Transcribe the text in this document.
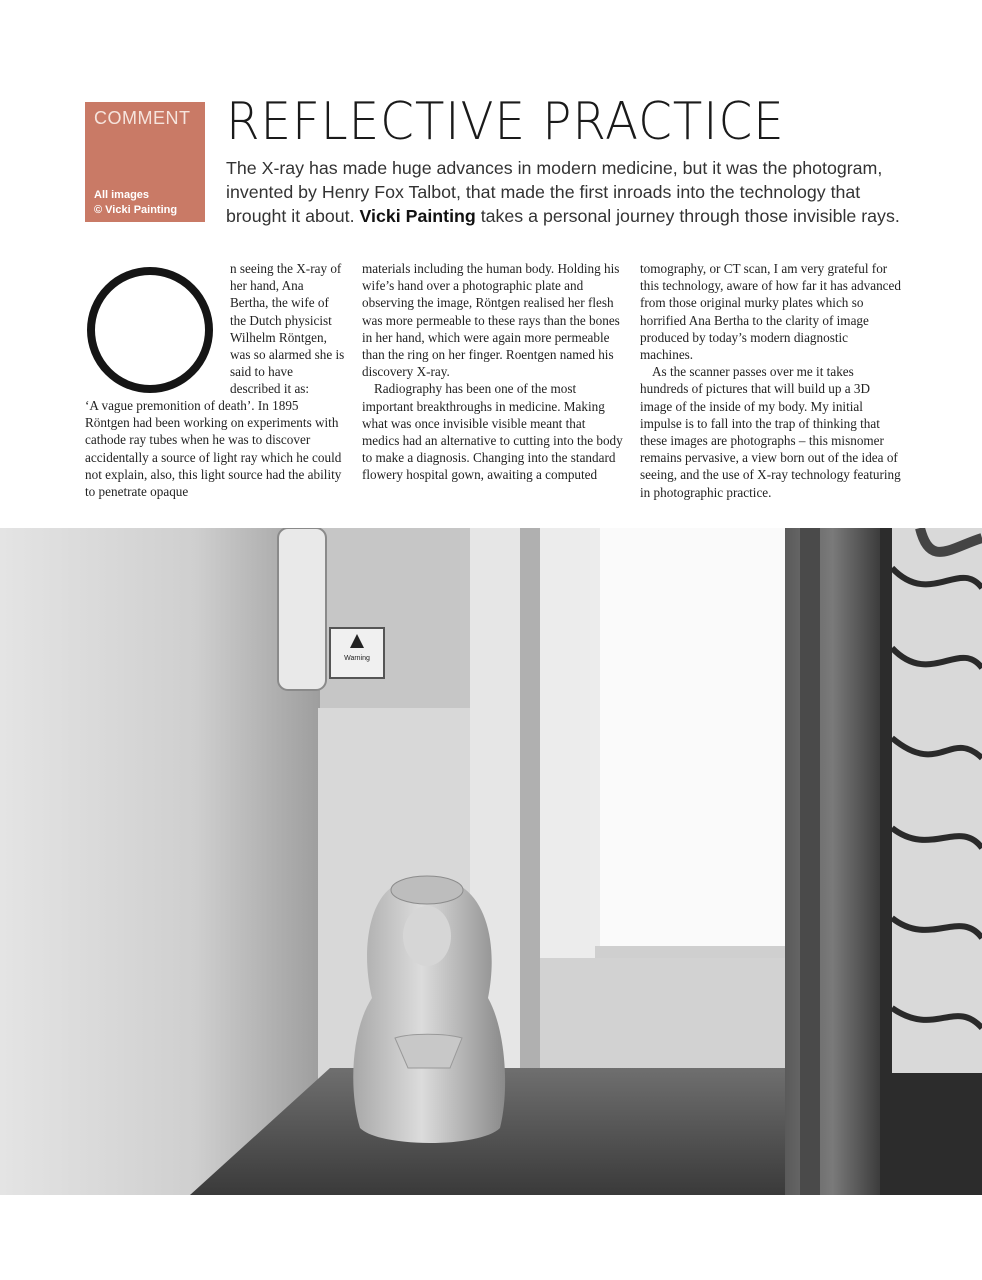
COMMENT
All images
© Vicki Painting
REFLECTIVE PRACTICE
The X-ray has made huge advances in modern medicine, but it was the photogram, invented by Henry Fox Talbot, that made the first inroads into the technology that brought it about. Vicki Painting takes a personal journey through those invisible rays.
O

n seeing the X-ray of her hand, Ana Bertha, the wife of the Dutch physicist Wilhelm Röntgen, was so alarmed she is said to have described it as:

‘A vague premonition of death’. In 1895 Röntgen had been working on experiments with cathode ray tubes when he was to discover accidentally a source of light ray which he could not explain, also, this light source had the ability to penetrate opaque

materials including the human body. Holding his wife’s hand over a photographic plate and observing the image, Röntgen realised her flesh was more permeable to these rays than the bones in her hand, which were again more permeable than the ring on her finger. Roentgen named his discovery X-ray.

Radiography has been one of the most important breakthroughs in medicine. Making what was once invisible visible meant that medics had an alternative to cutting into the body to make a diagnosis. Changing into the standard flowery hospital gown, awaiting a computed

tomography, or CT scan, I am very grateful for this technology, aware of how far it has advanced from those original murky plates which so horrified Ana Bertha to the clarity of image produced by today’s modern diagnostic machines.

As the scanner passes over me it takes hundreds of pictures that will build up a 3D image of the inside of my body. My initial impulse is to fall into the trap of thinking that these images are photographs – this misnomer remains pervasive, a view born out of the idea of seeing, and the use of X-ray technology featuring in photographic practice.

Warning
